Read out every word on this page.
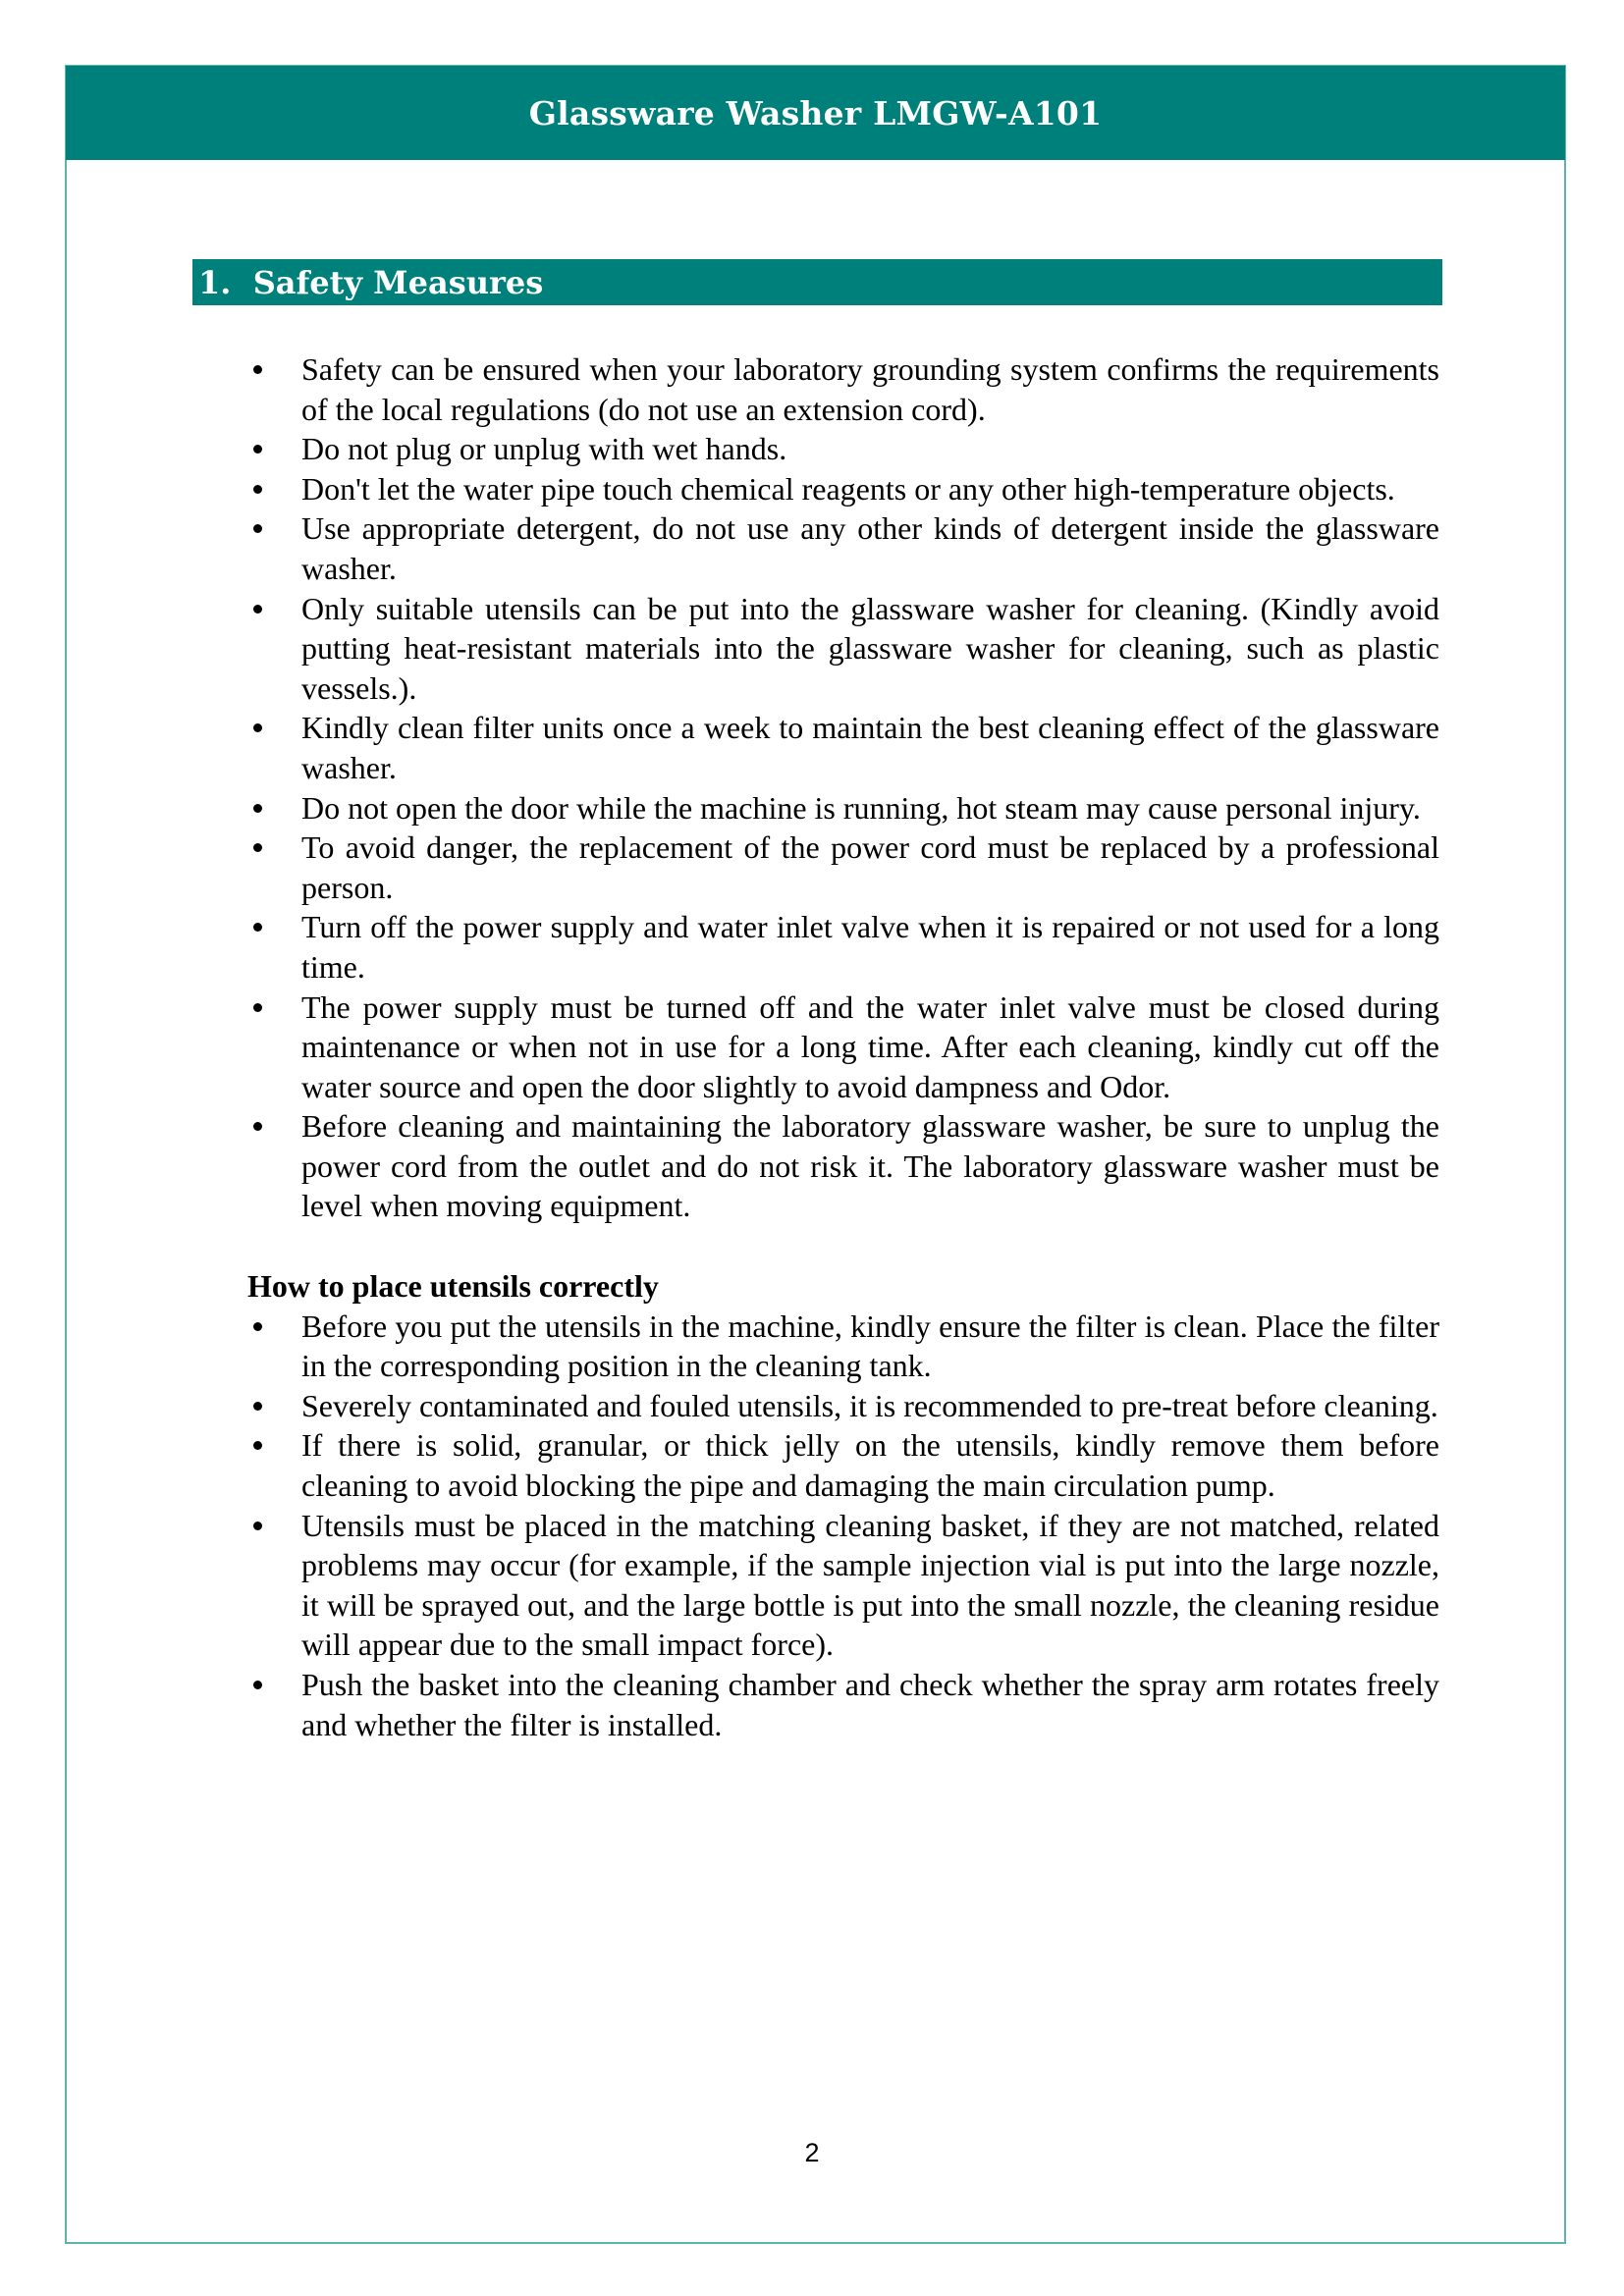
Glassware Washer LMGW-A101
1.  Safety Measures
Safety can be ensured when your laboratory grounding system confirms the requirements of the local regulations (do not use an extension cord).
Do not plug or unplug with wet hands.
Don't let the water pipe touch chemical reagents or any other high-temperature objects.
Use appropriate detergent, do not use any other kinds of detergent inside the glassware washer.
Only suitable utensils can be put into the glassware washer for cleaning. (Kindly avoid putting heat-resistant materials into the glassware washer for cleaning, such as plastic vessels.).
Kindly clean filter units once a week to maintain the best cleaning effect of the glassware washer.
Do not open the door while the machine is running, hot steam may cause personal injury.
To avoid danger, the replacement of the power cord must be replaced by a professional person.
Turn off the power supply and water inlet valve when it is repaired or not used for a long time.
The power supply must be turned off and the water inlet valve must be closed during maintenance or when not in use for a long time. After each cleaning, kindly cut off the water source and open the door slightly to avoid dampness and Odor.
Before cleaning and maintaining the laboratory glassware washer, be sure to unplug the power cord from the outlet and do not risk it. The laboratory glassware washer must be level when moving equipment.
How to place utensils correctly
Before you put the utensils in the machine, kindly ensure the filter is clean. Place the filter in the corresponding position in the cleaning tank.
Severely contaminated and fouled utensils, it is recommended to pre-treat before cleaning.
If there is solid, granular, or thick jelly on the utensils, kindly remove them before cleaning to avoid blocking the pipe and damaging the main circulation pump.
Utensils must be placed in the matching cleaning basket, if they are not matched, related problems may occur (for example, if the sample injection vial is put into the large nozzle, it will be sprayed out, and the large bottle is put into the small nozzle, the cleaning residue will appear due to the small impact force).
Push the basket into the cleaning chamber and check whether the spray arm rotates freely and whether the filter is installed.
2
